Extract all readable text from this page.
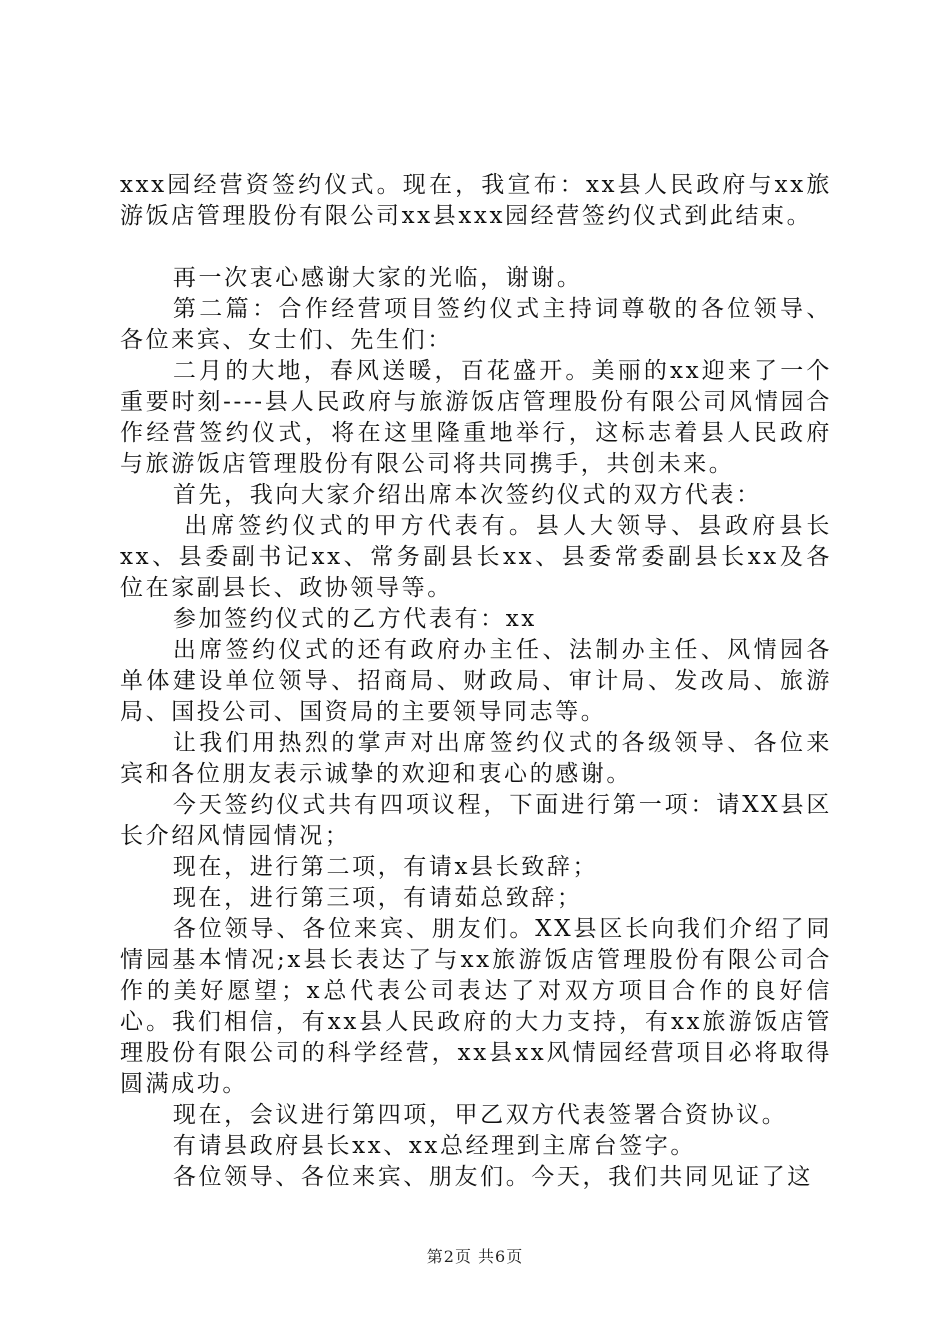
xxx园经营资签约仪式。现在，我宣布：xx县人民政府与xx旅游饭店管理股份有限公司xx县xxx园经营签约仪式到此结束。

再一次衷心感谢大家的光临，谢谢。

第二篇：合作经营项目签约仪式主持词尊敬的各位领导、各位来宾、女士们、先生们：

二月的大地，春风送暖，百花盛开。美丽的xx迎来了一个重要时刻----县人民政府与旅游饭店管理股份有限公司风情园合作经营签约仪式，将在这里隆重地举行，这标志着县人民政府与旅游饭店管理股份有限公司将共同携手，共创未来。

首先，我向大家介绍出席本次签约仪式的双方代表：

出席签约仪式的甲方代表有。县人大领导、县政府县长xx、县委副书记xx、常务副县长xx、县委常委副县长xx及各位在家副县长、政协领导等。

参加签约仪式的乙方代表有：xx

出席签约仪式的还有政府办主任、法制办主任、风情园各单体建设单位领导、招商局、财政局、审计局、发改局、旅游局、国投公司、国资局的主要领导同志等。

让我们用热烈的掌声对出席签约仪式的各级领导、各位来宾和各位朋友表示诚挚的欢迎和衷心的感谢。

今天签约仪式共有四项议程，下面进行第一项：请XX县区长介绍风情园情况；

现在，进行第二项，有请x县长致辞；

现在，进行第三项，有请茹总致辞；

各位领导、各位来宾、朋友们。XX县区长向我们介绍了同情园基本情况;x县长表达了与xx旅游饭店管理股份有限公司合作的美好愿望；x总代表公司表达了对双方项目合作的良好信心。我们相信，有xx县人民政府的大力支持，有xx旅游饭店管理股份有限公司的科学经营，xx县xx风情园经营项目必将取得圆满成功。

现在，会议进行第四项，甲乙双方代表签署合资协议。

有请县政府县长xx、xx总经理到主席台签字。

各位领导、各位来宾、朋友们。今天，我们共同见证了这

第2页 共6页
